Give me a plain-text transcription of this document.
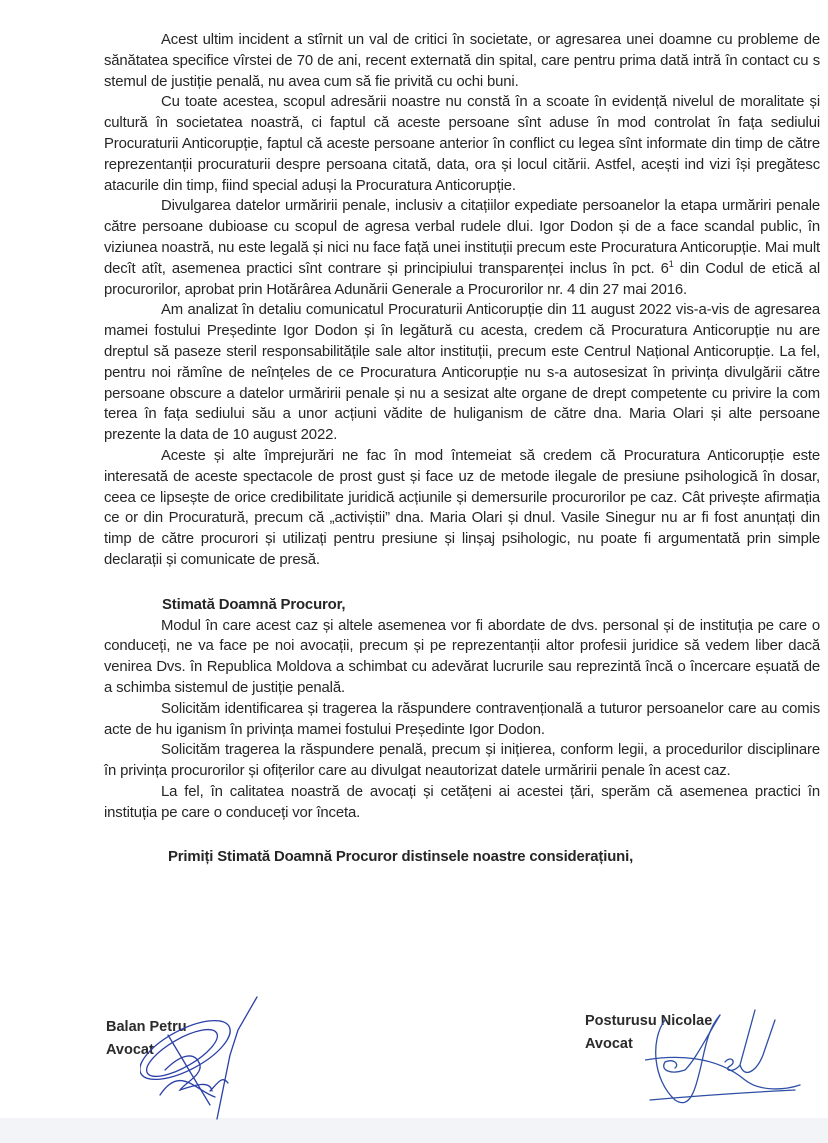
Acest ultim incident a stîrnit un val de critici în societate, or agresarea unei doamne cu probleme de sănătatea specifice vîrstei de 70 de ani, recent externată din spital, care pentru prima dată intră în contact cu s stemul de justiție penală, nu avea cum să fie privită cu ochi buni.

Cu toate acestea, scopul adresării noastre nu constă în a scoate în evidență nivelul de moralitate și cultură în societatea noastră, ci faptul că aceste persoane sînt aduse în mod controlat în fața sediului Procuraturii Anticorupție, faptul că aceste persoane anterior în conflict cu legea sînt informate din timp de către reprezentanții procuraturii despre persoana citată, data, ora și locul citării. Astfel, acești ind vizi își pregătesc atacurile din timp, fiind special aduși la Procuratura Anticorupție.

Divulgarea datelor urmăririi penale, inclusiv a citațiilor expediate persoanelor la etapa urmăriri penale către persoane dubioase cu scopul de agresa verbal rudele dlui. Igor Dodon și de a face scandal public, în viziunea noastră, nu este legală și nici nu face față unei instituții precum este Procuratura Anticorupție. Mai mult decît atît, asemenea practici sînt contrare și principiului transparenței inclus în pct. $6^1$ din Codul de etică al procurorilor, aprobat prin Hotărârea Adunării Generale a Procurorilor nr. 4 din 27 mai 2016.

Am analizat în detaliu comunicatul Procuraturii Anticorupție din 11 august 2022 vis-a-vis de agresarea mamei fostului Președinte Igor Dodon și în legătură cu acesta, credem că Procuratura Anticorupție nu are dreptul să paseze steril responsabilitățile sale altor instituții, precum este Centrul Național Anticorupție. La fel, pentru noi rămîne de neînțeles de ce Procuratura Anticorupție nu s-a autosesizat în privința divulgării către persoane obscure a datelor urmăririi penale și nu a sesizat alte organe de drept competente cu privire la com terea în fața sediului său a unor acțiuni vădite de huliganism de către dna. Maria Olari și alte persoane prezente la data de 10 august 2022.

Aceste și alte împrejurări ne fac în mod întemeiat să credem că Procuratura Anticorupție este interesată de aceste spectacole de prost gust și face uz de metode ilegale de presiune psihologică în dosar, ceea ce lipsește de orice credibilitate juridică acțiunile și demersurile procurorilor pe caz. Cât privește afirmația ce or din Procuratură, precum că „activiștii” dna. Maria Olari și dnul. Vasile Sinegur nu ar fi fost anunțați din timp de către procurori și utilizați pentru presiune și linșaj psihologic, nu poate fi argumentată prin simple declarații și comunicate de presă.

Stimată Doamnă Procuror,

Modul în care acest caz și altele asemenea vor fi abordate de dvs. personal și de instituția pe care o conduceți, ne va face pe noi avocații, precum și pe reprezentanții altor profesii juridice să vedem liber dacă venirea Dvs. în Republica Moldova a schimbat cu adevărat lucrurile sau reprezintă încă o încercare eșuată de a schimba sistemul de justiție penală.

Solicităm identificarea și tragerea la răspundere contravențională a tuturor persoanelor care au comis acte de hu iganism în privința mamei fostului Președinte Igor Dodon.

Solicităm tragerea la răspundere penală, precum și inițierea, conform legii, a procedurilor disciplinare în privința procurorilor și ofițerilor care au divulgat neautorizat datele urmăririi penale în acest caz.

La fel, în calitatea noastră de avocați și cetățeni ai acestei țări, sperăm că asemenea practici în instituția pe care o conduceți vor înceta.

Primiți Stimată Doamnă Procuror distinsele noastre considerațiuni,
Balan Petru
Avocat
Posturusu Nicolae
Avocat
